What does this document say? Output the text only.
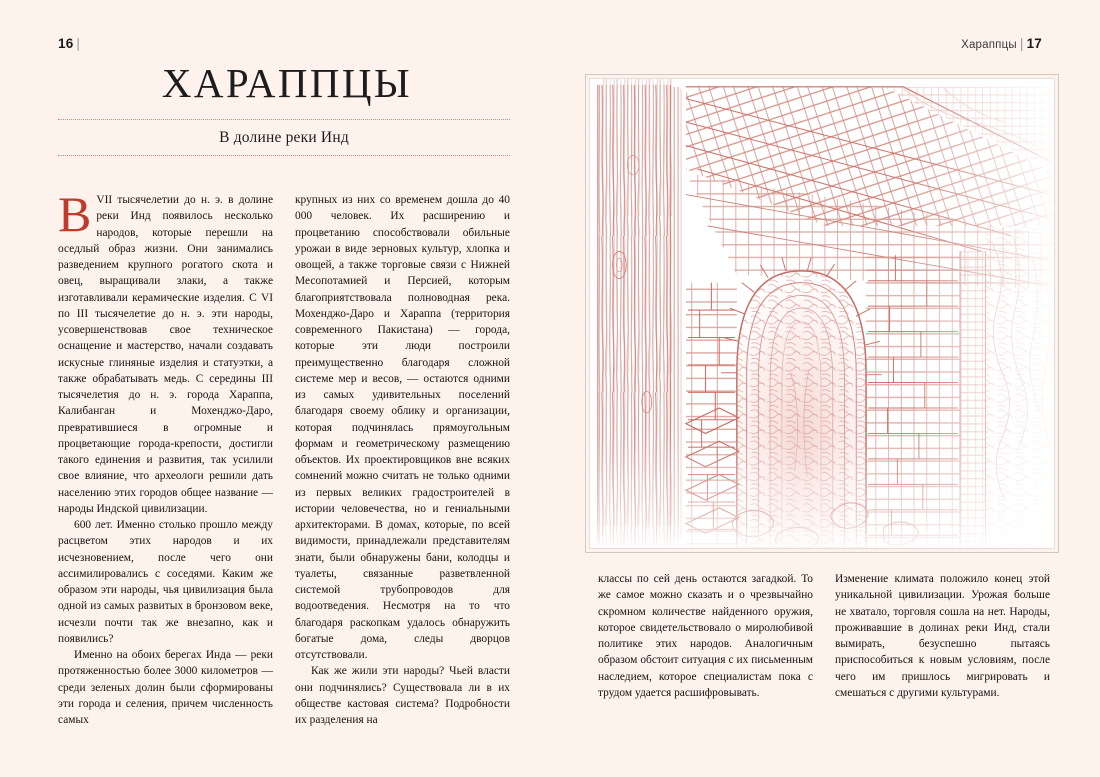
16 |
ХАРАППЦЫ
В долине реки Инд

ВVII тысячелетии до н. э. в долине реки Инд появилось несколько народов, которые перешли на оседлый образ жизни. Они занимались разведением крупного рогатого скота и овец, выращивали злаки, а также изготавливали керамические изделия. С VI по III тысячелетие до н. э. эти народы, усовершенствовав свое техническое оснащение и мастерство, начали создавать искусные глиняные изделия и статуэтки, а также обрабатывать медь. С середины III тысячелетия до н. э. города Хараппа, Калибанган и Мохенджо-Даро, превратившиеся в огромные и процветающие города-крепости, достигли такого единения и развития, так усилили свое влияние, что археологи решили дать населению этих городов общее название — народы Индской цивилизации.

600 лет. Именно столько прошло между расцветом этих народов и их исчезновением, после чего они ассимилировались с соседями. Каким же образом эти народы, чья цивилизация была одной из самых развитых в бронзовом веке, исчезли почти так же внезапно, как и появились?

Именно на обоих берегах Инда — реки протяженностью более 3000 километров — среди зеленых долин были сформированы эти города и селения, причем численность самых

крупных из них со временем дошла до 40 000 человек. Их расширению и процветанию способствовали обильные урожаи в виде зерновых культур, хлопка и овощей, а также торговые связи с Нижней Месопотамией и Персией, которым благоприятствовала полноводная река. Мохенджо-Даро и Хараппа (территория современного Пакистана) — города, которые эти люди построили преимущественно благодаря сложной системе мер и весов, — остаются одними из самых удивительных поселений благодаря своему облику и организации, которая подчинялась прямоугольным формам и геометрическому размещению объектов. Их проектировщиков вне всяких сомнений можно считать не только одними из первых великих градостроителей в истории человечества, но и гениальными архитекторами. В домах, которые, по всей видимости, принадлежали представителям знати, были обнаружены бани, колодцы и туалеты, связанные разветвленной системой трубопроводов для водоотведения. Несмотря на то что благодаря раскопкам удалось обнаружить богатые дома, следы дворцов отсутствовали.

Как же жили эти народы? Чьей власти они подчинялись? Существовала ли в их обществе кастовая система? Подробности их разделения на

Хараппцы | 17

классы по сей день остаются загадкой. То же самое можно сказать и о чрезвычайно скромном количестве найденного оружия, которое свидетельствовало о миролюбивой политике этих народов. Аналогичным образом обстоит ситуация с их письменным наследием, которое специалистам пока с трудом удается расшифровывать.

Изменение климата положило конец этой уникальной цивилизации. Урожая больше не хватало, торговля сошла на нет. Народы, проживавшие в долинах реки Инд, стали вымирать, безуспешно пытаясь приспособиться к новым условиям, после чего им пришлось мигрировать и смешаться с другими культурами.
